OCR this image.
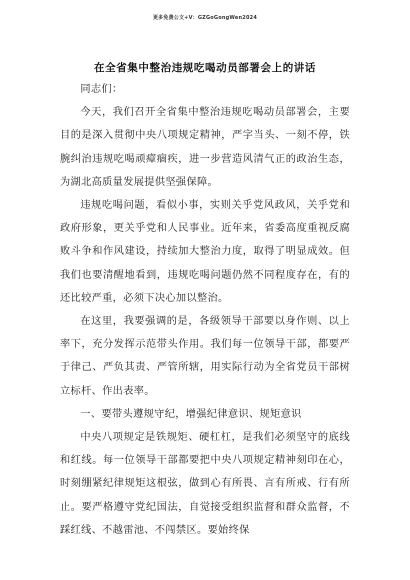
更多免费公文+V：GZGoGongWen2024
在全省集中整治违规吃喝动员部署会上的讲话

同志们：

今天，我们召开全省集中整治违规吃喝动员部署会，主要目的是深入贯彻中央八项规定精神，严字当头、一刻不停，铁腕纠治违规吃喝顽瘴痼疾，进一步营造风清气正的政治生态，为湖北高质量发展提供坚强保障。

违规吃喝问题，看似小事，实则关乎党风政风，关乎党和政府形象，更关乎党和人民事业。近年来，省委高度重视反腐败斗争和作风建设，持续加大整治力度，取得了明显成效。但我们也要清醒地看到，违规吃喝问题仍然不同程度存在，有的还比较严重，必须下决心加以整治。

在这里，我要强调的是，各级领导干部要以身作则、以上率下，充分发挥示范带头作用。我们每一位领导干部，都要严于律己、严负其责、严管所辖，用实际行动为全省党员干部树立标杆、作出表率。

一、要带头遵规守纪，增强纪律意识、规矩意识

中央八项规定是铁规矩、硬杠杠，是我们必须坚守的底线和红线。每一位领导干部都要把中央八项规定精神刻印在心，时刻绷紧纪律规矩这根弦，做到心有所畏、言有所戒、行有所止。要严格遵守党纪国法，自觉接受组织监督和群众监督，不踩红线、不越雷池、不闯禁区。要始终保
